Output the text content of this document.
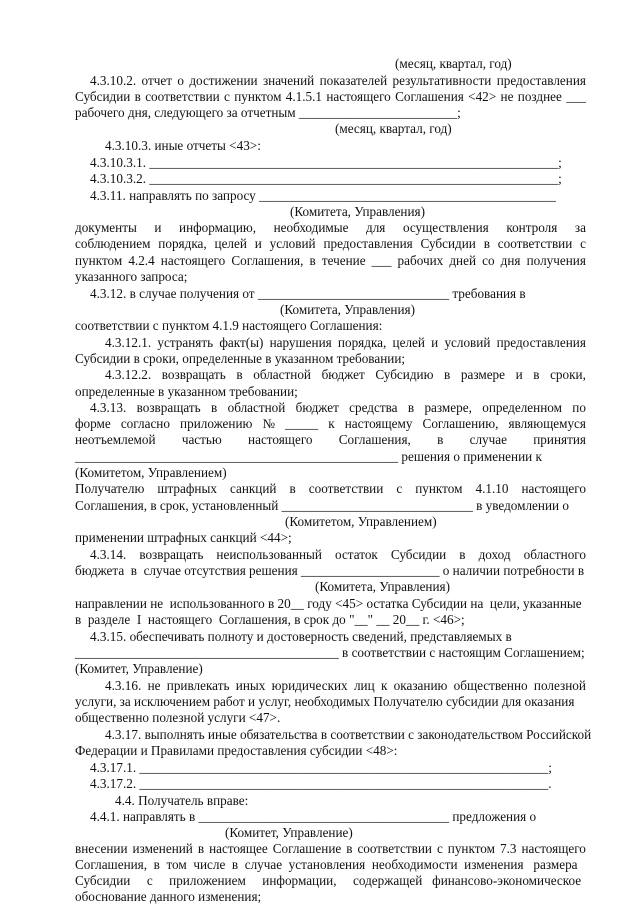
(месяц, квартал, год)
4.3.10.2. отчет о достижении значений показателей результативности предоставления
Субсидии в соответствии с пунктом 4.1.5.1 настоящего Соглашения <42> не позднее ___
рабочего дня, следующего за отчетным ________________________;
(месяц, квартал, год)
4.3.10.3. иные отчеты <43>:
4.3.10.3.1. ______________________________________________________________;
4.3.10.3.2. ______________________________________________________________;
4.3.11. направлять по запросу _____________________________________________
(Комитета, Управления)
документы и информацию, необходимые для осуществления контроля за
соблюдением порядка, целей и условий предоставления Субсидии в соответствии с
пунктом 4.2.4 настоящего Соглашения, в течение ___ рабочих дней со дня получения
указанного запроса;
4.3.12. в случае получения от _____________________________ требования в
(Комитета, Управления)
соответствии с пунктом 4.1.9 настоящего Соглашения:
4.3.12.1. устранять факт(ы) нарушения порядка, целей и условий предоставления
Субсидии в сроки, определенные в указанном требовании;
4.3.12.2. возвращать в областной бюджет Субсидию в размере и в сроки,
определенные в указанном требовании;
4.3.13. возвращать в областной бюджет средства в размере, определенном по
форме согласно приложению № _____ к настоящему Соглашению, являющемуся
неотъемлемой частью настоящего Соглашения, в случае принятия
_________________________________________________ решения о применении к
(Комитетом, Управлением)
Получателю штрафных санкций в соответствии с пунктом 4.1.10 настоящего
Соглашения, в срок, установленный _____________________________ в уведомлении о
(Комитетом, Управлением)
применении штрафных санкций <44>;
4.3.14. возвращать неиспользованный остаток Субсидии в доход областного
бюджета  в  случае отсутствия решения _____________________ о наличии потребности в
(Комитета, Управления)
направлении не  использованного в 20__ году <45> остатка Субсидии на  цели, указанные
в  разделе  I  настоящего  Соглашения, в срок до "__" __ 20__ г. <46>;
4.3.15. обеспечивать полноту и достоверность сведений, представляемых в
________________________________________ в соответствии с настоящим Соглашением;
(Комитет, Управление)
4.3.16. не привлекать иных юридических лиц к оказанию общественно полезной
услуги, за исключением работ и услуг, необходимых Получателю субсидии для оказания
общественно полезной услуги <47>.
4.3.17. выполнять иные обязательства в соответствии с законодательством Российской
Федерации и Правилами предоставления субсидии <48>:
4.3.17.1. ______________________________________________________________;
4.3.17.2. ______________________________________________________________.
4.4. Получатель вправе:
4.4.1. направлять в ______________________________________ предложения о
(Комитет, Управление)
внесении изменений в настоящее Соглашение в соответствии с пунктом 7.3 настоящего
Соглашения,  в  том  числе  в  случае  установления  необходимости  изменения   размера
Субсидии     с     приложением     информации,     содержащей   финансово-экономическое
обоснование данного изменения;
